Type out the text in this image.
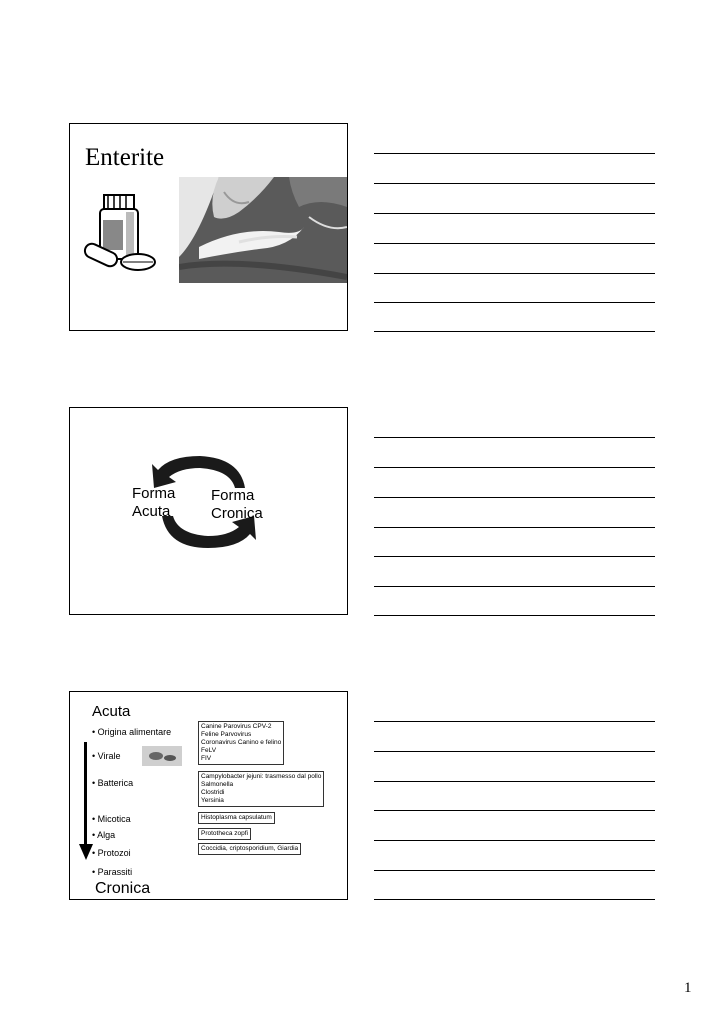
Enterite
Forma
Acuta
Forma
Cronica
Acuta
• Origina alimentare
• Virale
• Batterica
• Micotica
• Alga
• Protozoi
• Parassiti
Canine Parovirus CPV-2
Feline Parvovirus
Coronavirus Canino e felino
FeLV
FIV
Campylobacter jejuni: trasmesso dal pollo
Salmonella
Clostridi
Yersinia
Histoplasma capsulatum
Prototheca zopfi
Coccidia, criptosporidium, Giardia
Cronica
1
